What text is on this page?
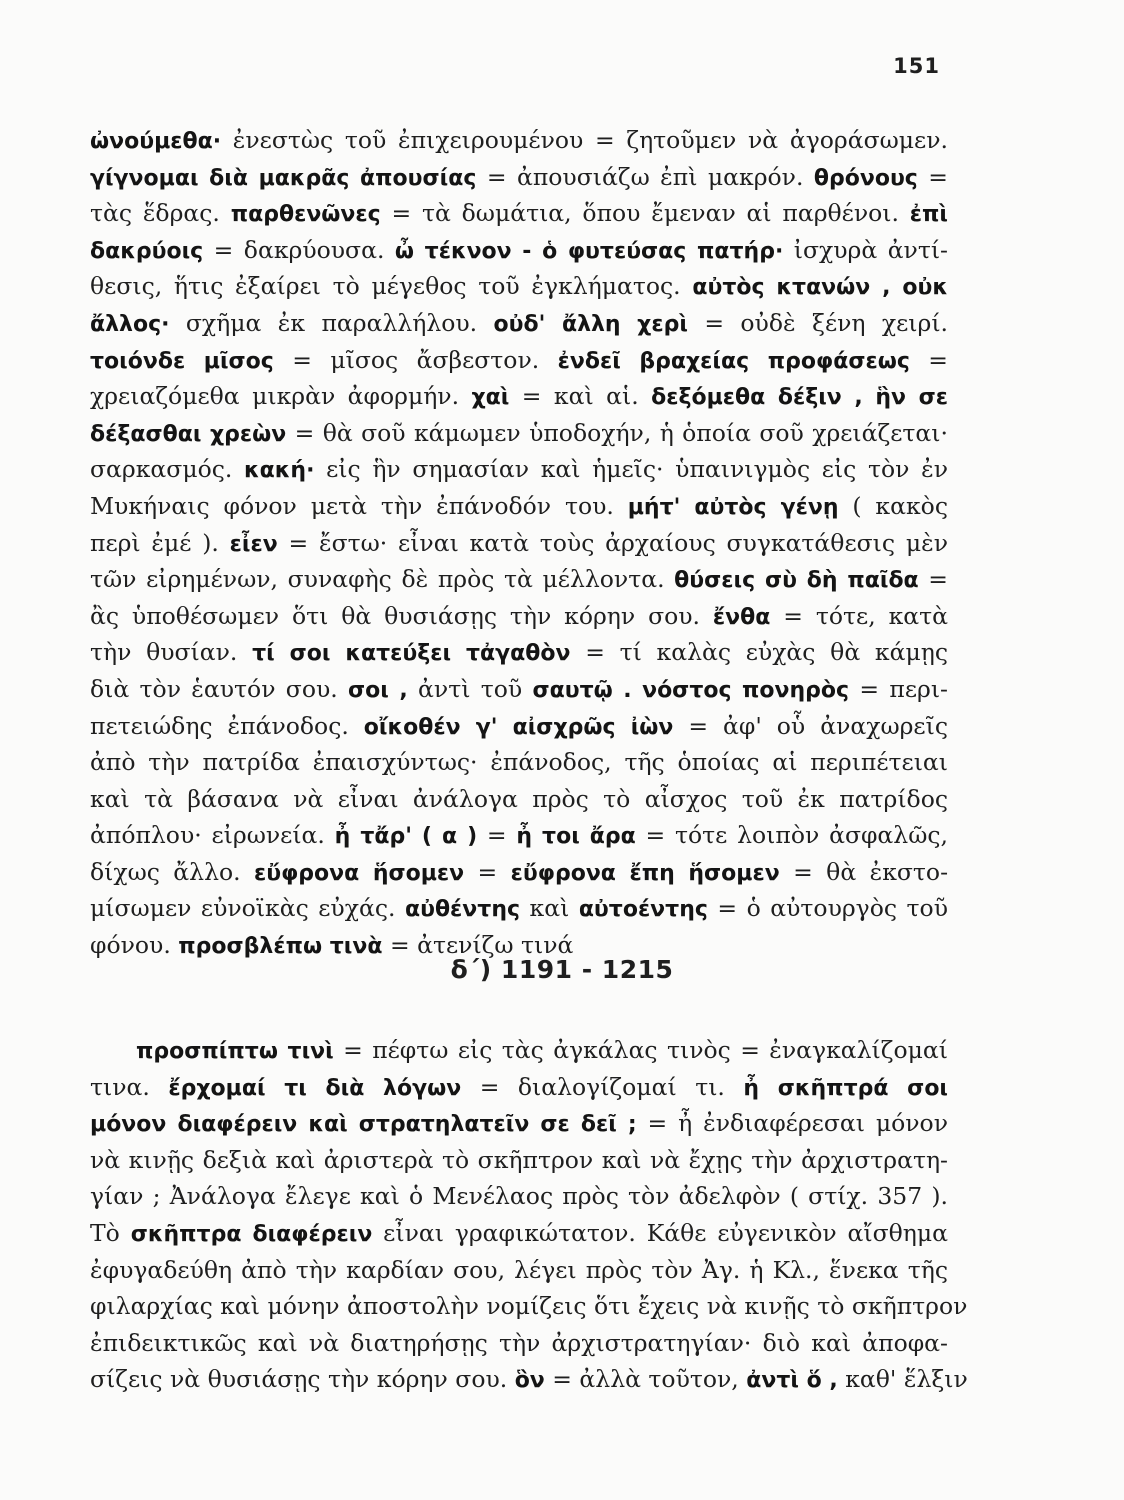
151
ὠνούμεθα· ἐνεστὼς τοῦ ἐπιχειρουμένου = ζητοῦμεν νὰ ἀγοράσωμεν.
γίγνομαι διὰ μακρᾶς ἀπουσίας = ἀπουσιάζω ἐπὶ μακρόν. θρόνους =
τὰς ἕδρας. παρθενῶνες = τὰ δωμάτια, ὅπου ἔμεναν αἱ παρθένοι. ἐπὶ
δακρύοις = δακρύουσα. ὦ τέκνον - ὁ φυτεύσας πατήρ· ἰσχυρὰ ἀντί-
θεσις, ἥτις ἐξαίρει τὸ μέγεθος τοῦ ἐγκλήματος. αὐτὸς κτανών , οὐκ
ἄλλος· σχῆμα ἐκ παραλλήλου. οὐδ' ἄλλη χερὶ = οὐδὲ ξένη χειρί.
τοιόνδε μῖσος = μῖσος ἄσβεστον. ἐνδεῖ βραχείας προφάσεως =
χρειαζόμεθα μικρὰν ἀφορμήν. χαὶ = καὶ αἱ. δεξόμεθα δέξιν , ἣν σε
δέξασθαι χρεὼν = θὰ σοῦ κάμωμεν ὑποδοχήν, ἡ ὁποία σοῦ χρειάζεται·
σαρκασμός. κακή· εἰς ἣν σημασίαν καὶ ἡμεῖς· ὑπαινιγμὸς εἰς τὸν ἐν
Μυκήναις φόνον μετὰ τὴν ἐπάνοδόν του. μήτ' αὐτὸς γένῃ ( κακὸς
περὶ ἐμέ ). εἶεν = ἔστω· εἶναι κατὰ τοὺς ἀρχαίους συγκατάθεσις μὲν
τῶν εἰρημένων, συναφὴς δὲ πρὸς τὰ μέλλοντα. θύσεις σὺ δὴ παῖδα =
ἂς ὑποθέσωμεν ὅτι θὰ θυσιάσῃς τὴν κόρην σου. ἔνθα = τότε, κατὰ
τὴν θυσίαν. τί σοι κατεύξει τἀγαθὸν = τί καλὰς εὐχὰς θὰ κάμῃς
διὰ τὸν ἑαυτόν σου. σοι , ἀντὶ τοῦ σαυτῷ . νόστος πονηρὸς = περι-
πετειώδης ἐπάνοδος. οἴκοθέν γ' αἰσχρῶς ἰὼν = ἀφ' οὗ ἀναχωρεῖς
ἀπὸ τὴν πατρίδα ἐπαισχύντως· ἐπάνοδος, τῆς ὁποίας αἱ περιπέτειαι
καὶ τὰ βάσανα νὰ εἶναι ἀνάλογα πρὸς τὸ αἶσχος τοῦ ἐκ πατρίδος
ἀπόπλου· εἰρωνεία. ἦ τἄρ' ( α ) = ἦ τοι ἄρα = τότε λοιπὸν ἀσφαλῶς,
δίχως ἄλλο. εὔφρονα ἥσομεν = εὔφρονα ἔπη ἥσομεν = θὰ ἐκστο-
μίσωμεν εὐνοϊκὰς εὐχάς. αὐθέντης καὶ αὐτοέντης = ὁ αὐτουργὸς τοῦ
φόνου. προσβλέπω τινὰ = ἀτενίζω τινά
δ΄) 1191 - 1215
προσπίπτω τινὶ = πέφτω εἰς τὰς ἀγκάλας τινὸς = ἐναγκαλίζομαί
τινα. ἔρχομαί τι διὰ λόγων = διαλογίζομαί τι. ἦ σκῆπτρά σοι
μόνον διαφέρειν καὶ στρατηλατεῖν σε δεῖ ; = ἦ ἐνδιαφέρεσαι μόνον
νὰ κινῇς δεξιὰ καὶ ἀριστερὰ τὸ σκῆπτρον καὶ νὰ ἔχῃς τὴν ἀρχιστρατη-
γίαν ; Ἀνάλογα ἔλεγε καὶ ὁ Μενέλαος πρὸς τὸν ἀδελφὸν ( στίχ. 357 ).
Τὸ σκῆπτρα διαφέρειν εἶναι γραφικώτατον. Κάθε εὐγενικὸν αἴσθημα
ἐφυγαδεύθη ἀπὸ τὴν καρδίαν σου, λέγει πρὸς τὸν Ἀγ. ἡ Κλ., ἕνεκα τῆς
φιλαρχίας καὶ μόνην ἀποστολὴν νομίζεις ὅτι ἔχεις νὰ κινῇς τὸ σκῆπτρον
ἐπιδεικτικῶς καὶ νὰ διατηρήσῃς τὴν ἀρχιστρατηγίαν· διὸ καὶ ἀποφα-
σίζεις νὰ θυσιάσῃς τὴν κόρην σου. ὃν = ἀλλὰ τοῦτον, ἀντὶ ὅ , καθ' ἕλξιν
